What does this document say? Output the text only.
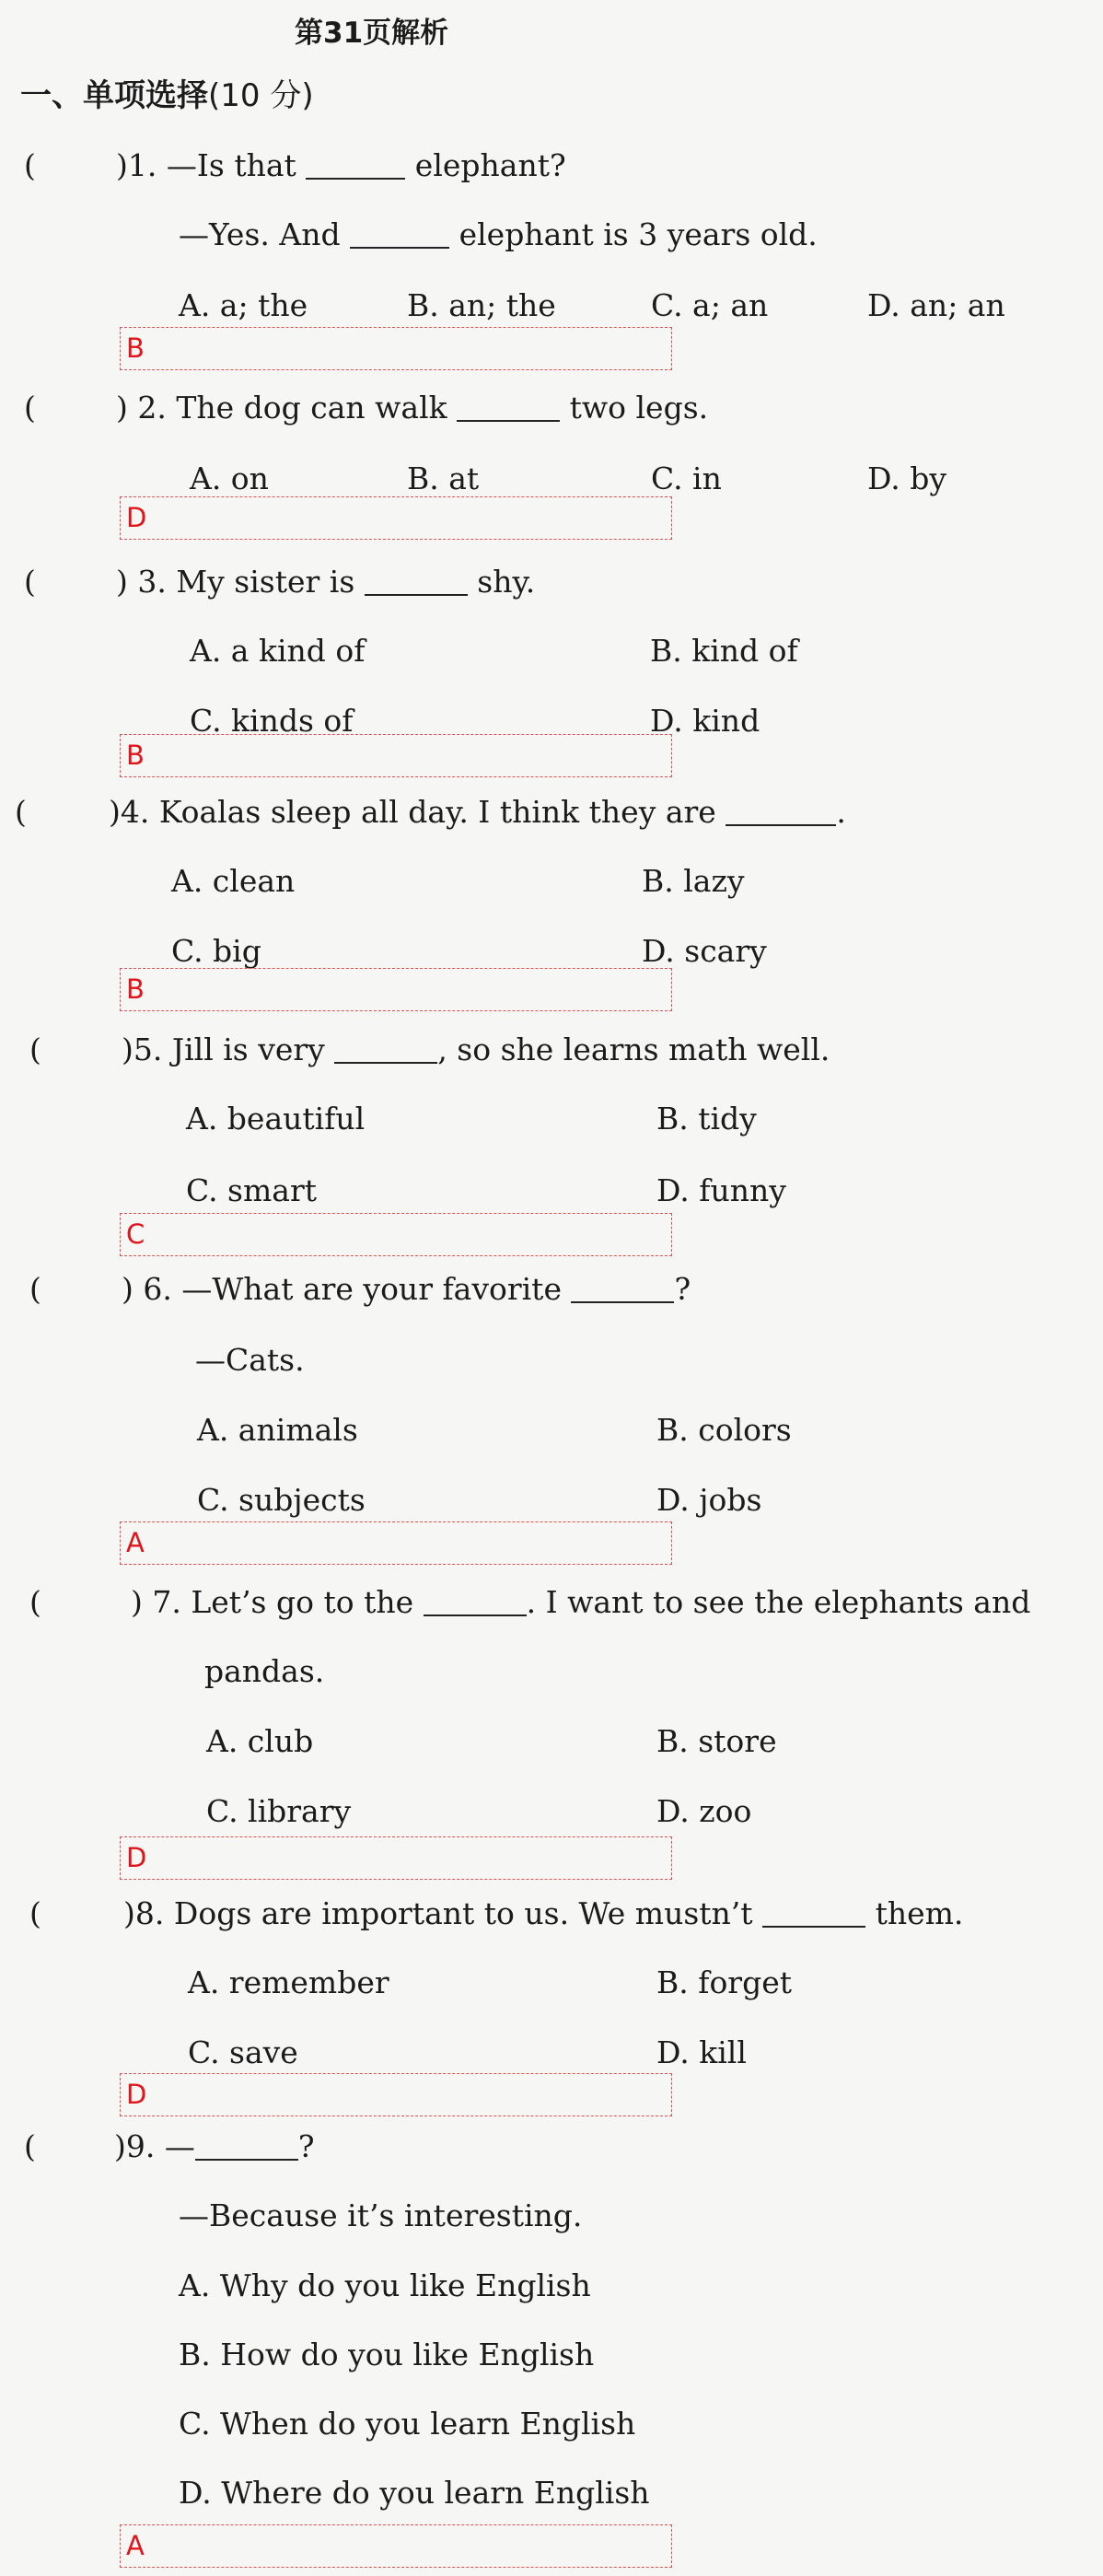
第31页解析
一、单项选择(10 分)
(	)1. —Is that	elephant?
—Yes. And	elephant is 3 years old.
A. a; the	B. an; the	C. a; an	D. an; an
B
(	) 2. The dog can walk	two legs.
A. on	B. at	C. in	D. by
D
(	) 3. My sister is	shy.
A. a kind of	B. kind of
C. kinds of	D. kind
B
(	)4. Koalas sleep all day. I think they are	.
A. clean	B. lazy
C. big	D. scary
B
(	)5. Jill is very	, so she learns math well.
A. beautiful	B. tidy
C. smart	D. funny
C
(	) 6. —What are your favorite	?
—Cats.
A. animals	B. colors
C. subjects	D. jobs
A
(	) 7. Let’s go to the	. I want to see the elephants and
pandas.
A. club	B. store
C. library	D. zoo
D
(	)8. Dogs are important to us. We mustn’t	them.
A. remember	B. forget
C. save	D. kill
D
(	)9. —	?
—Because it’s interesting.
A. Why do you like English
B. How do you like English
C. When do you learn English
D. Where do you learn English
A
